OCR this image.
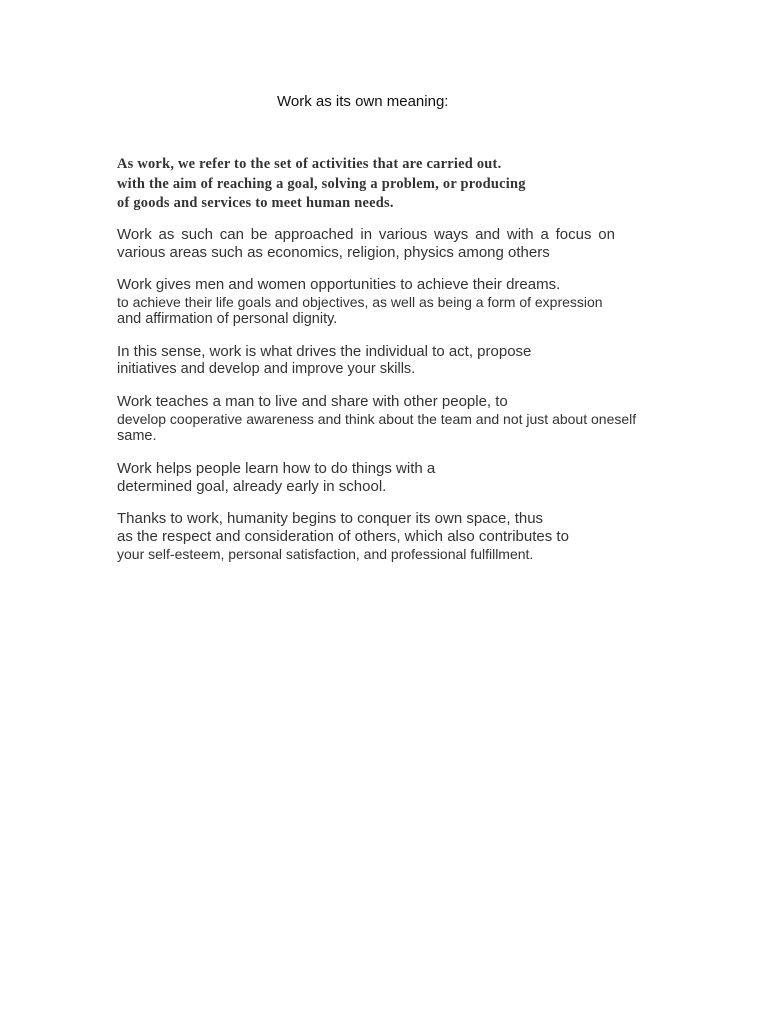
Work as its own meaning:

As work, we refer to the set of activities that are carried out.
with the aim of reaching a goal, solving a problem, or producing
of goods and services to meet human needs.

Work as such can be approached in various ways and with a focus on
various areas such as economics, religion, physics among others

Work gives men and women opportunities to achieve their dreams.
to achieve their life goals and objectives, as well as being a form of expression
and affirmation of personal dignity.

In this sense, work is what drives the individual to act, propose
initiatives and develop and improve your skills.

Work teaches a man to live and share with other people, to
develop cooperative awareness and think about the team and not just about oneself
same.

Work helps people learn how to do things with a
determined goal, already early in school.

Thanks to work, humanity begins to conquer its own space, thus
as the respect and consideration of others, which also contributes to
your self-esteem, personal satisfaction, and professional fulfillment.
